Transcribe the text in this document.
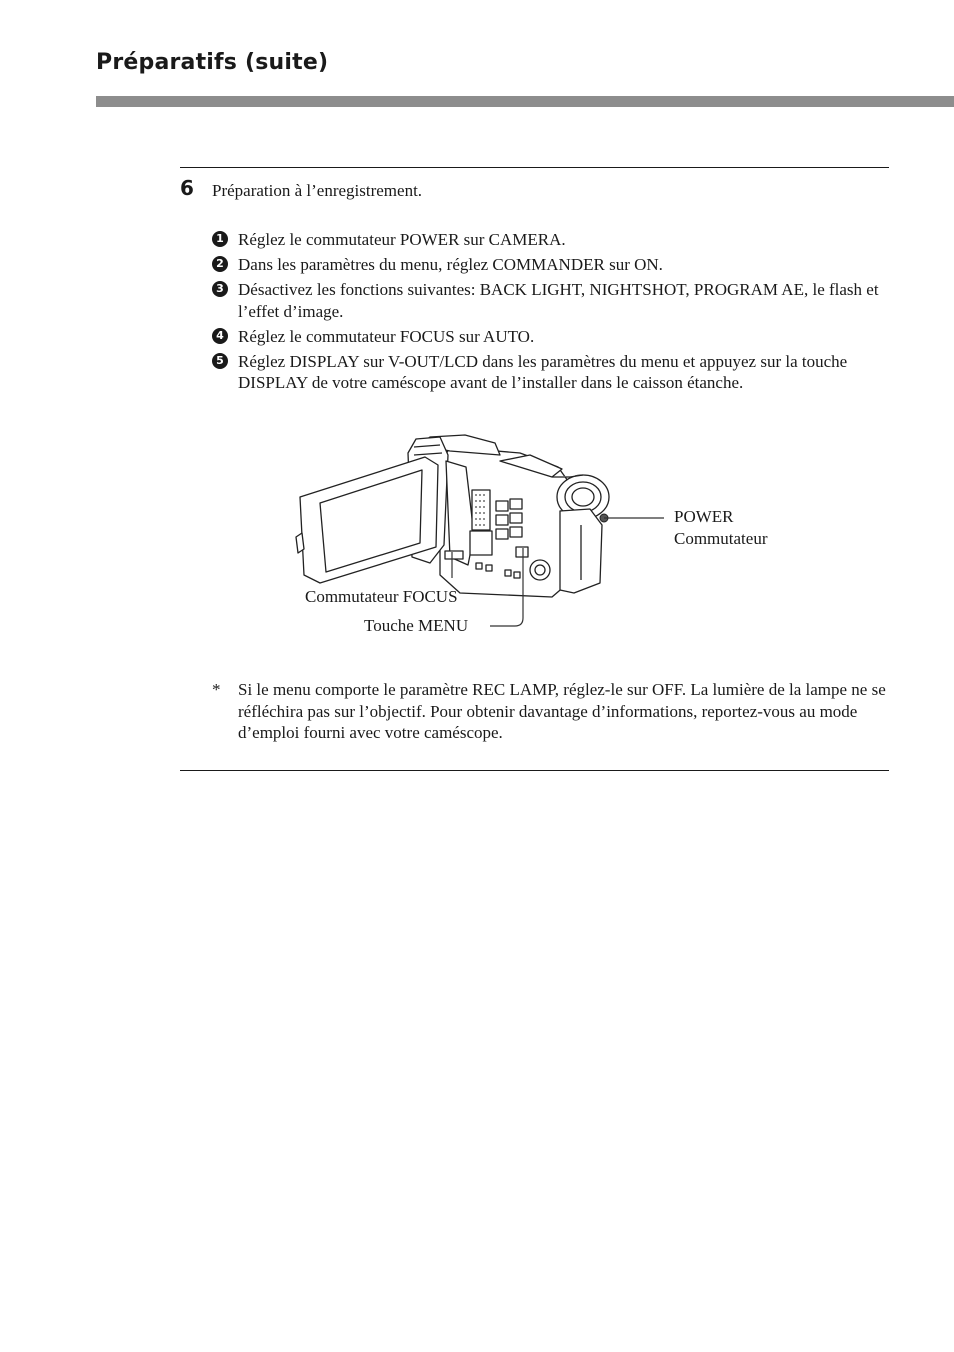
Préparatifs (suite)
6 Préparation à l’enregistrement.
1 Réglez le commutateur POWER sur CAMERA.
2 Dans les paramètres du menu, réglez COMMANDER sur ON.
3 Désactivez les fonctions suivantes: BACK LIGHT, NIGHTSHOT, PROGRAM AE, le flash et l’effet d’image.
4 Réglez le commutateur FOCUS sur AUTO.
5 Réglez DISPLAY sur V-OUT/LCD dans les paramètres du menu et appuyez sur la touche DISPLAY de votre caméscope avant de l’installer dans le caisson étanche.
POWER
Commutateur
Commutateur FOCUS
Touche MENU
*	Si le menu comporte le paramètre REC LAMP, réglez-le sur OFF. La lumière de la lampe ne se réfléchira pas sur l’objectif. Pour obtenir davantage d’informations, reportez-vous au mode d’emploi fourni avec votre caméscope.
